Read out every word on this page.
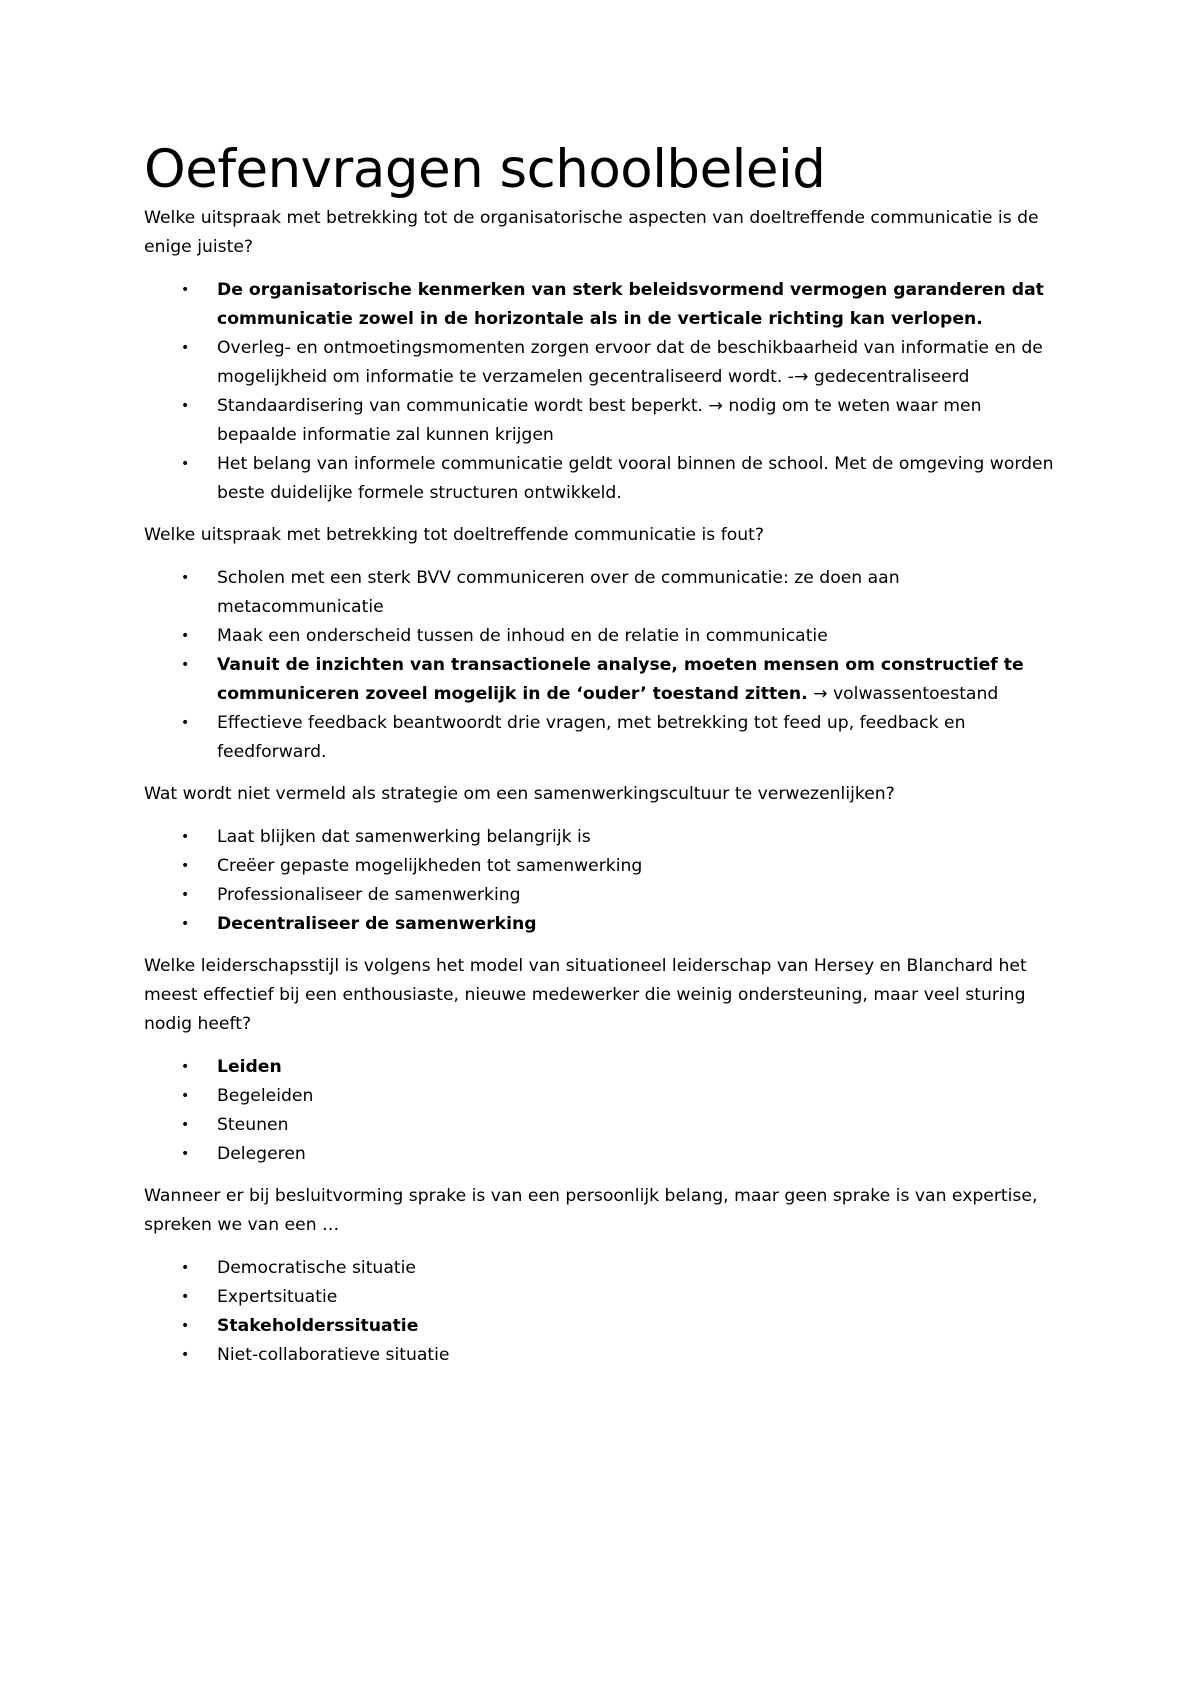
Oefenvragen schoolbeleid

Welke uitspraak met betrekking tot de organisatorische aspecten van doeltreffende communicatie is de enige juiste?

• De organisatorische kenmerken van sterk beleidsvormend vermogen garanderen dat communicatie zowel in de horizontale als in de verticale richting kan verlopen.
• Overleg- en ontmoetingsmomenten zorgen ervoor dat de beschikbaarheid van informatie en de mogelijkheid om informatie te verzamelen gecentraliseerd wordt. -→ gedecentraliseerd
• Standaardisering van communicatie wordt best beperkt. → nodig om te weten waar men bepaalde informatie zal kunnen krijgen
• Het belang van informele communicatie geldt vooral binnen de school. Met de omgeving worden beste duidelijke formele structuren ontwikkeld.

Welke uitspraak met betrekking tot doeltreffende communicatie is fout?

• Scholen met een sterk BVV communiceren over de communicatie: ze doen aan metacommunicatie
• Maak een onderscheid tussen de inhoud en de relatie in communicatie
• Vanuit de inzichten van transactionele analyse, moeten mensen om constructief te communiceren zoveel mogelijk in de ‘ouder’ toestand zitten. → volwassentoestand
• Effectieve feedback beantwoordt drie vragen, met betrekking tot feed up, feedback en feedforward.

Wat wordt niet vermeld als strategie om een samenwerkingscultuur te verwezenlijken?

• Laat blijken dat samenwerking belangrijk is
• Creëer gepaste mogelijkheden tot samenwerking
• Professionaliseer de samenwerking
• Decentraliseer de samenwerking

Welke leiderschapsstijl is volgens het model van situationeel leiderschap van Hersey en Blanchard het meest effectief bij een enthousiaste, nieuwe medewerker die weinig ondersteuning, maar veel sturing nodig heeft?

• Leiden
• Begeleiden
• Steunen
• Delegeren

Wanneer er bij besluitvorming sprake is van een persoonlijk belang, maar geen sprake is van expertise, spreken we van een …

• Democratische situatie
• Expertsituatie
• Stakeholderssituatie
• Niet-collaboratieve situatie
